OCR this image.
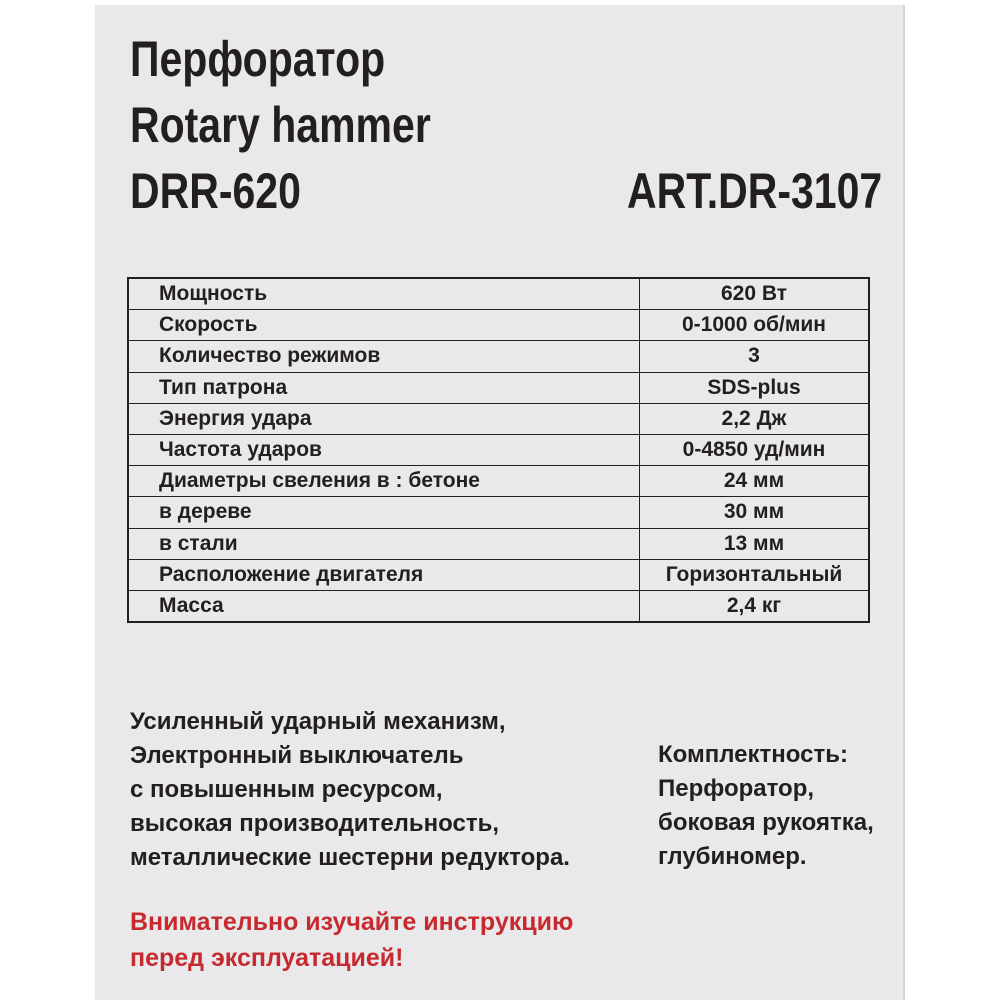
Перфоратор
Rotary hammer
DRR-620	ART.DR-3107
Мощность	620 Вт
Скорость	0-1000 об/мин
Количество режимов	3
Тип патрона	SDS-plus
Энергия удара	2,2 Дж
Частота ударов	0-4850 уд/мин
Диаметры свеления в : бетоне	24 мм
в дереве	30 мм
в стали	13 мм
Расположение двигателя	Горизонтальный
Масса	2,4 кг
Усиленный ударный механизм,
Электронный выключатель
с повышенным ресурсом,
высокая производительность,
металлические шестерни редуктора.
Комплектность:
Перфоратор,
боковая рукоятка,
глубиномер.
Внимательно изучайте инструкцию
перед эксплуатацией!
